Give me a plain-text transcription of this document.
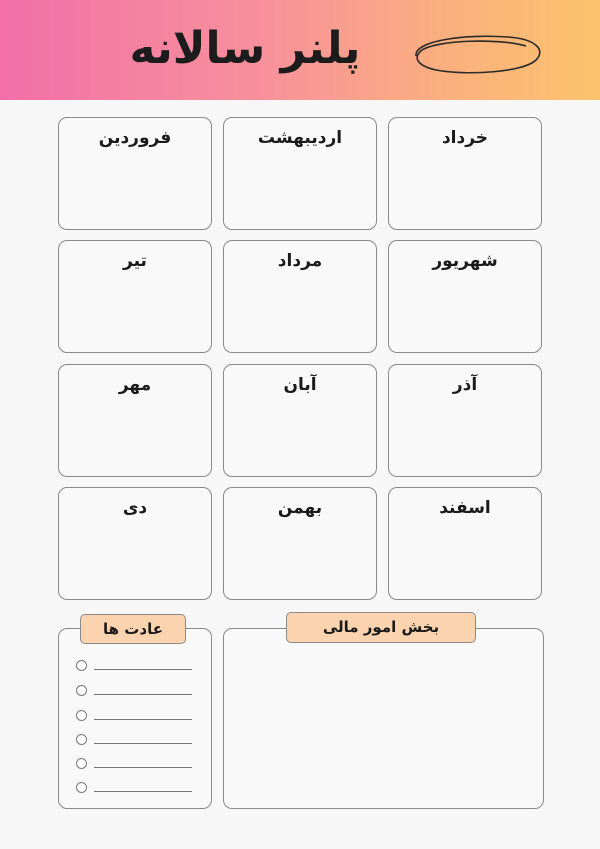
پلنر سالانه
خرداد
اردیبهشت
فروردین
شهریور
مرداد
تیر
آذر
آبان
مهر
اسفند
بهمن
دی
عادت ها	بخش امور مالی
